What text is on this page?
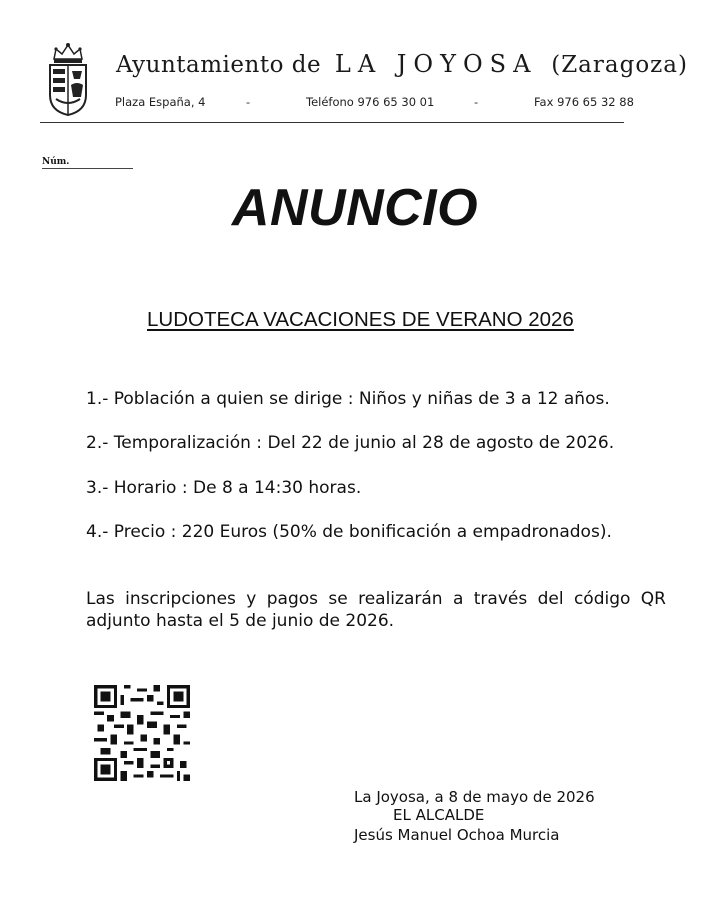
Ayuntamiento de LA JOYOSA (Zaragoza)
Plaza España, 4	-	Teléfono 976 65 30 01	-	Fax 976 65 32 88
Núm.
ANUNCIO
LUDOTECA VACACIONES DE VERANO 2026
1.- Población a quien se dirige : Niños y niñas de 3 a 12 años.
2.- Temporalización : Del 22 de junio al 28 de agosto de 2026.
3.- Horario : De 8 a 14:30 horas.
4.- Precio : 220 Euros (50% de bonificación a empadronados).
Las inscripciones y pagos se realizarán a través del código QR adjunto hasta el 5 de junio de 2026.
La Joyosa, a 8 de mayo de 2026
EL ALCALDE
Jesús Manuel Ochoa Murcia
